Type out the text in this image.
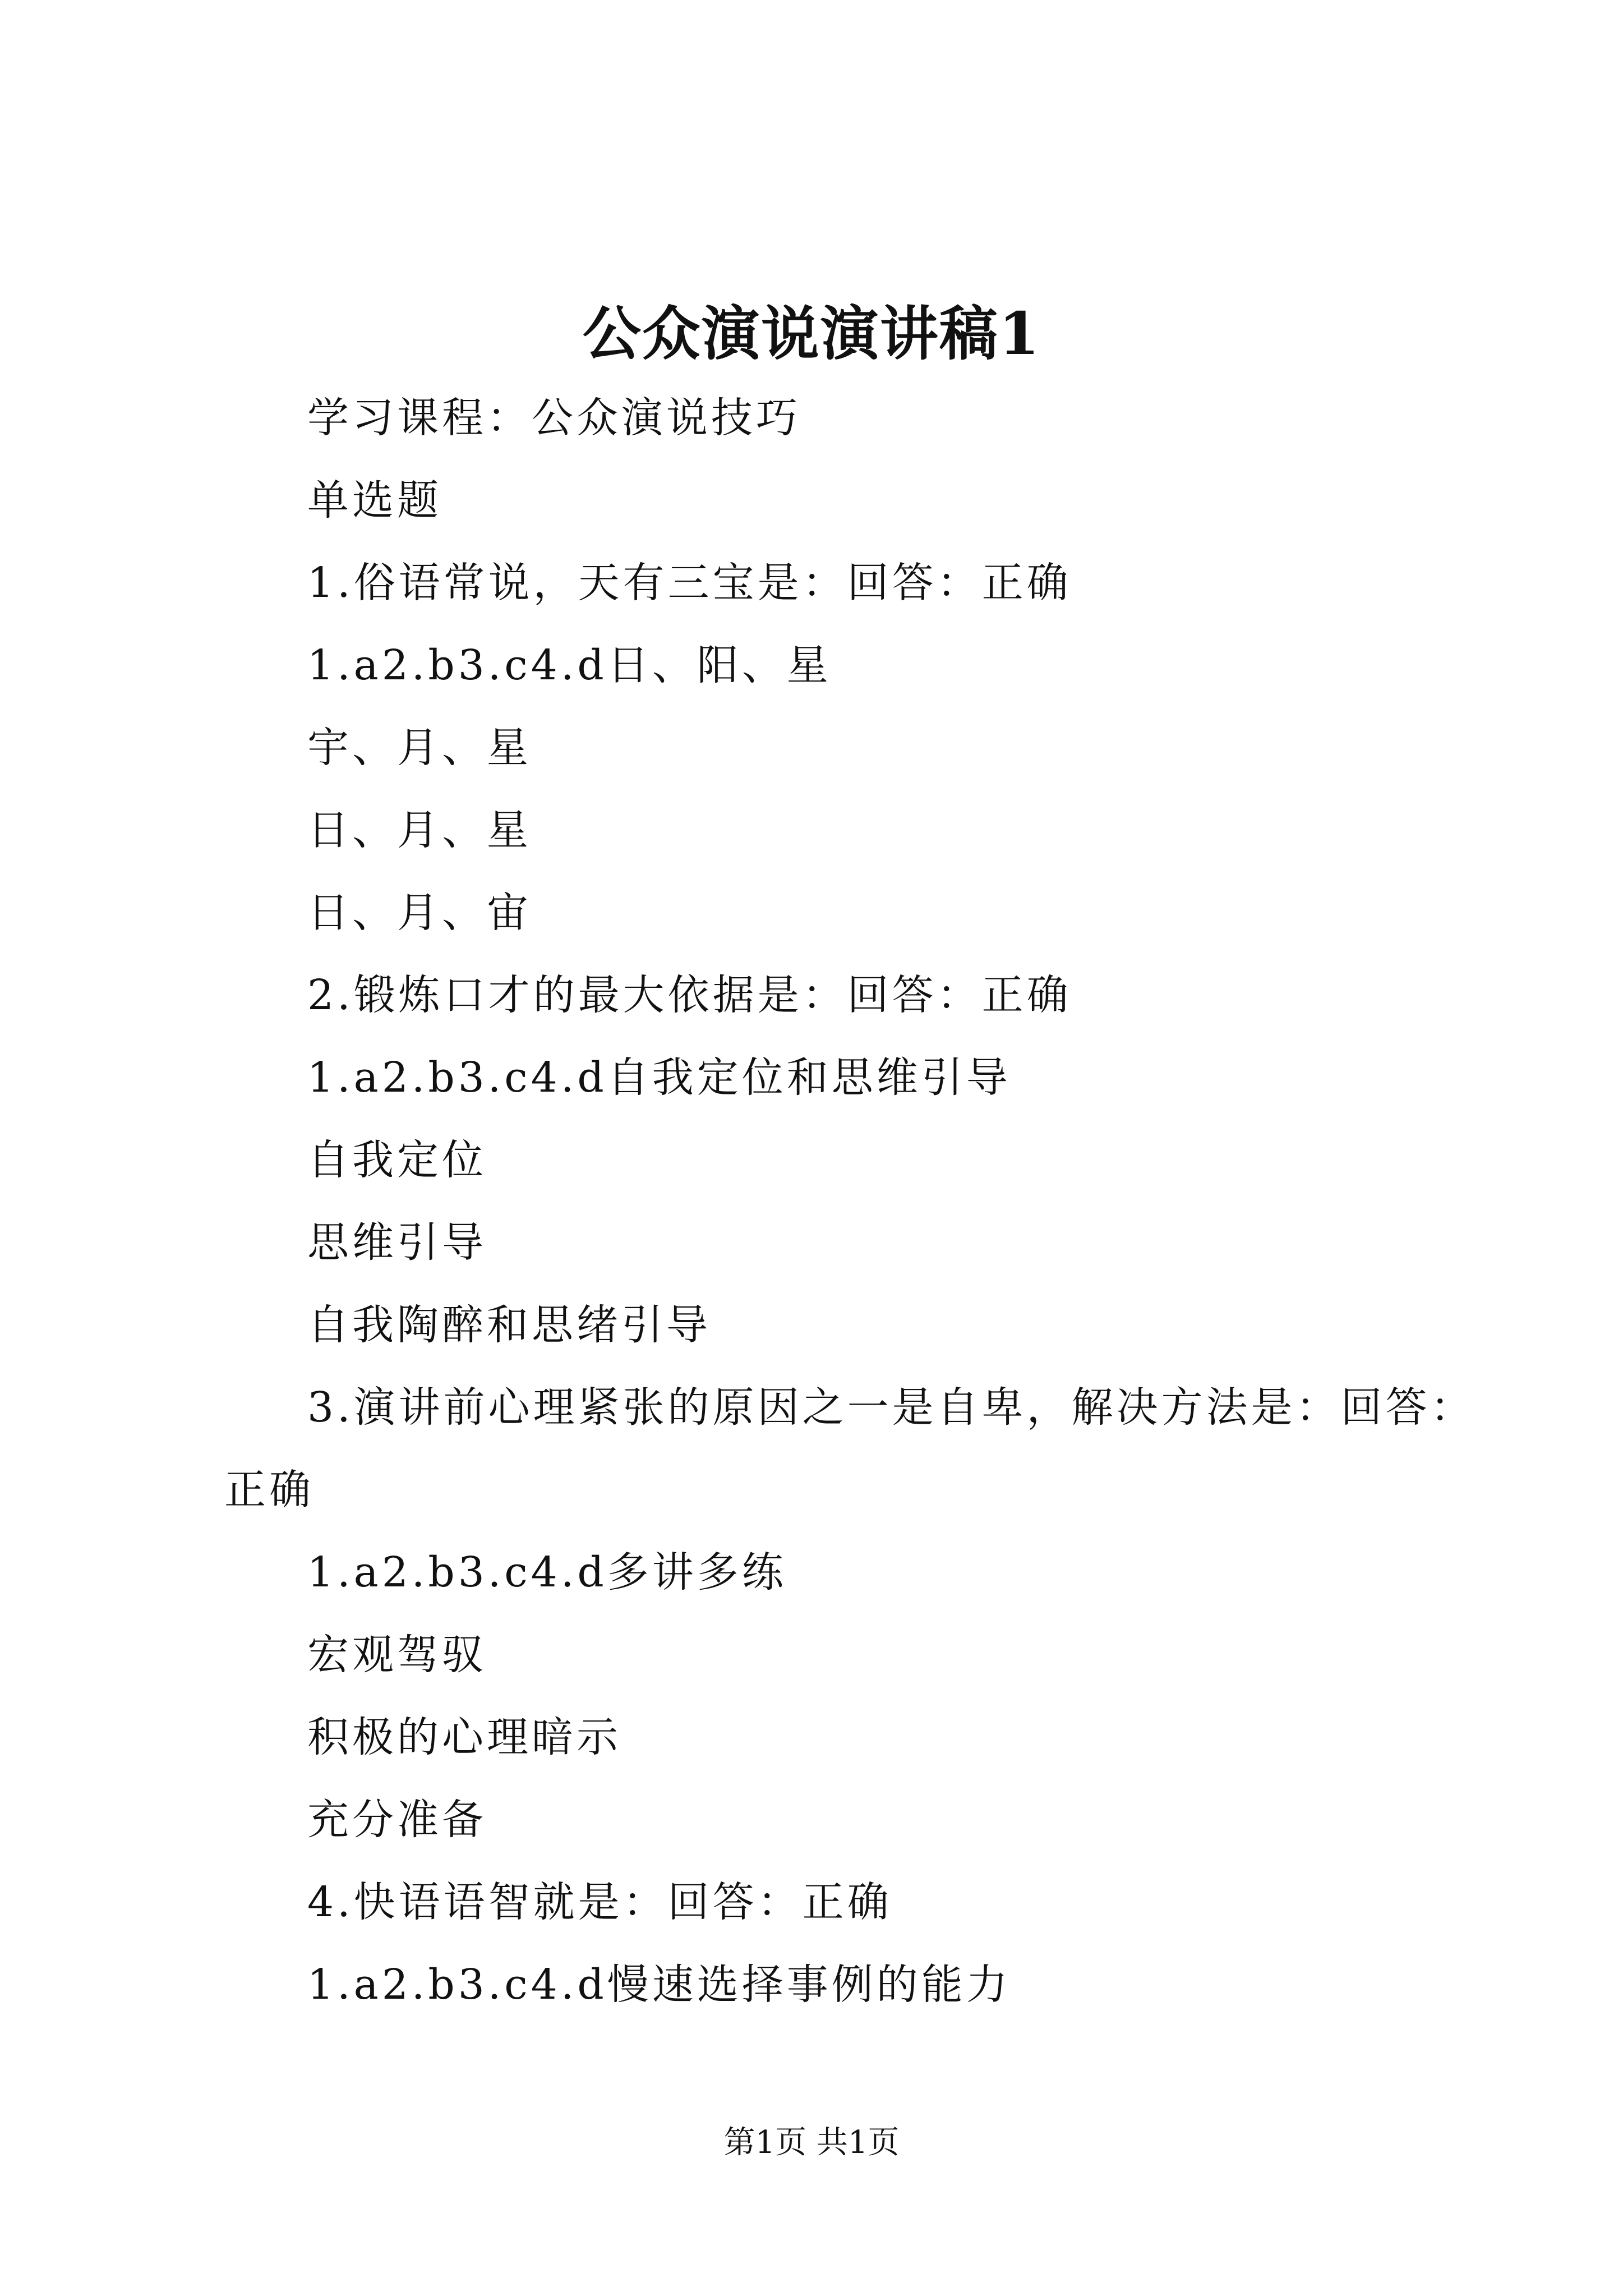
公众演说演讲稿1
学习课程：公众演说技巧
单选题
1.俗语常说，天有三宝是：回答：正确
1.a2.b3.c4.d日、阳、星
宇、月、星
日、月、星
日、月、宙
2.锻炼口才的最大依据是：回答：正确
1.a2.b3.c4.d自我定位和思维引导
自我定位
思维引导
自我陶醉和思绪引导
3.演讲前心理紧张的原因之一是自卑，解决方法是：回答：
正确
1.a2.b3.c4.d多讲多练
宏观驾驭
积极的心理暗示
充分准备
4.快语语智就是：回答：正确
1.a2.b3.c4.d慢速选择事例的能力
第1页 共1页
